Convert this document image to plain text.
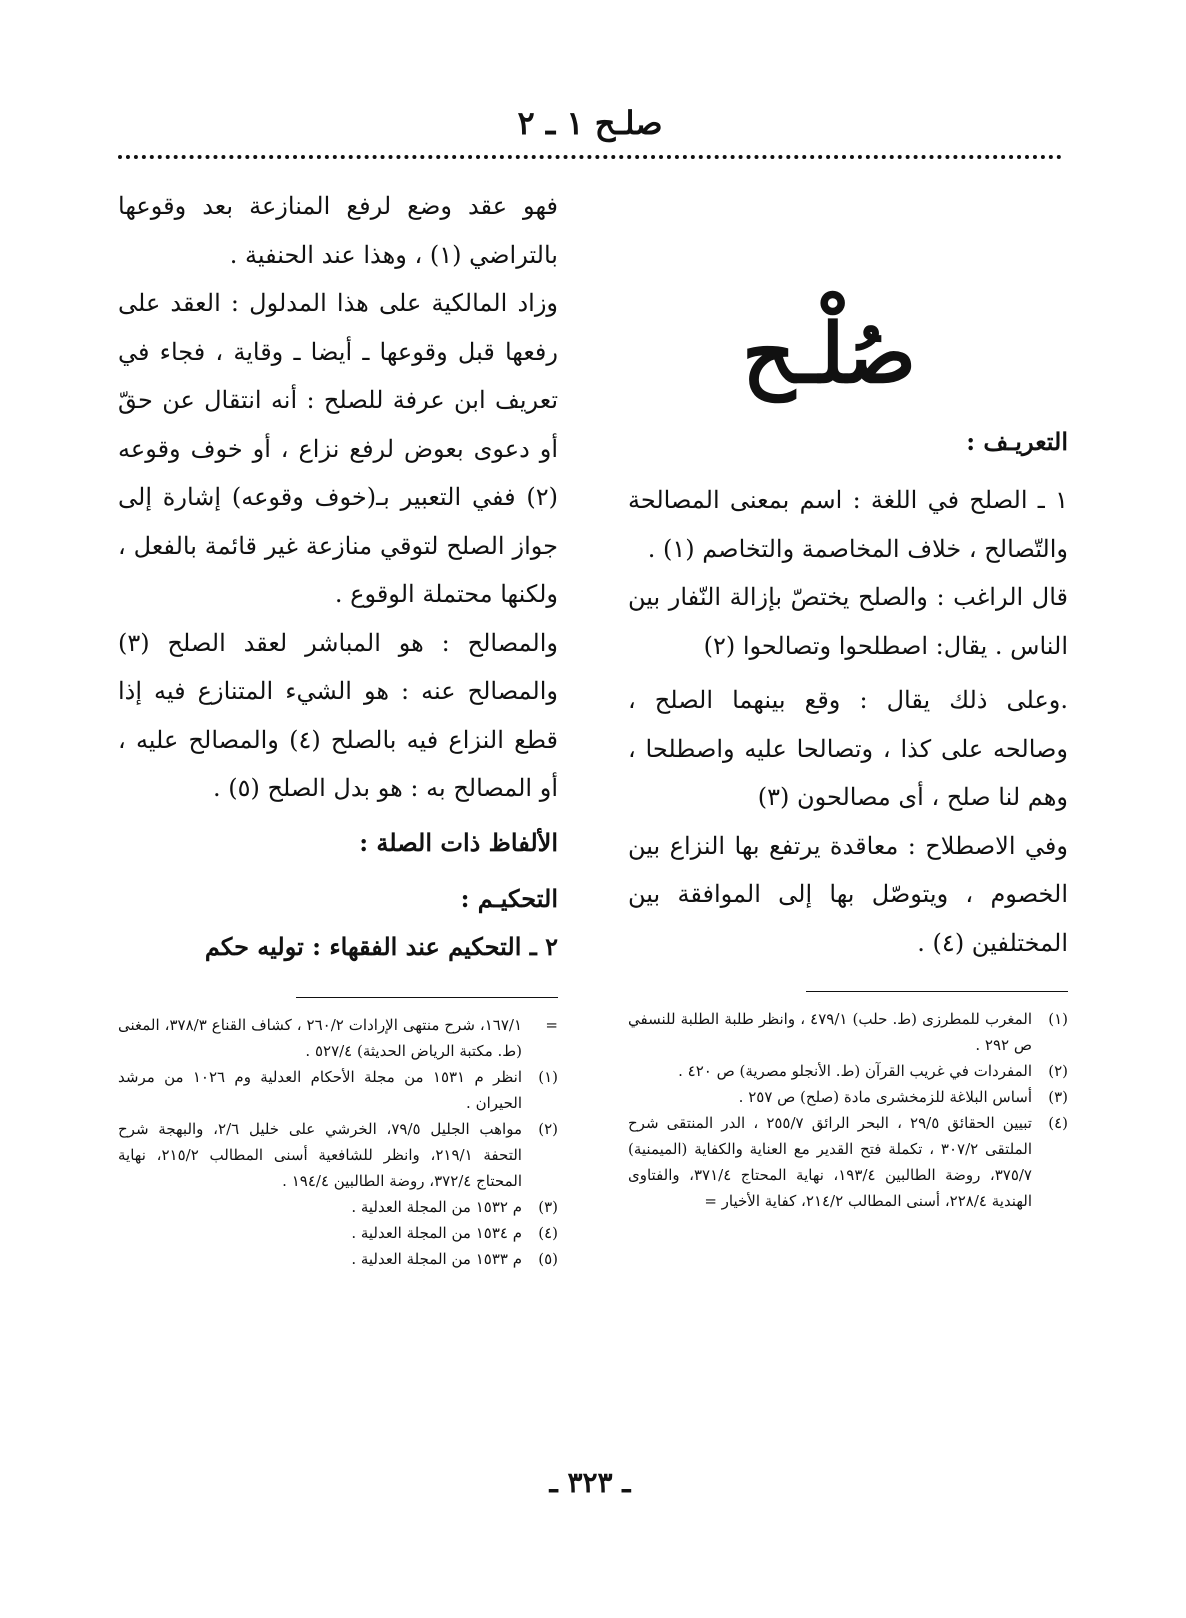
صلـح ١ ـ ٢
صُلْـح

التعريـف :

١ ـ الصلح في اللغة : اسم بمعنى المصالحة والتّصالح ، خلاف المخاصمة والتخاصم (١) .

قال الراغب : والصلح يختصّ بإزالة النّفار بين الناس . يقال: اصطلحوا وتصالحوا (٢)

.وعلى ذلك يقال : وقع بينهما الصلح ، وصالحه على كذا ، وتصالحا عليه واصطلحا ، وهم لنا صلح ، أى مصالحون (٣)

وفي الاصطلاح : معاقدة يرتفع بها النزاع بين الخصوم ، ويتوصّل بها إلى الموافقة بين المختلفين (٤) .

(١)
المغرب للمطرزى (ط. حلب) ٤٧٩/١ ، وانظر طلبة الطلبة للنسفي ص ٢٩٢ .
(٢)
المفردات في غريب القرآن (ط. الأنجلو مصرية) ص ٤٢٠ .
(٣)
أساس البلاغة للزمخشرى مادة (صلح) ص ٢٥٧ .
(٤)
تبيين الحقائق ٢٩/٥ ، البحر الرائق ٢٥٥/٧ ، الدر المنتقى شرح الملتقى ٣٠٧/٢ ، تكملة فتح القدير مع العناية والكفاية (الميمنية) ٣٧٥/٧، روضة الطالبين ١٩٣/٤، نهاية المحتاج ٣٧١/٤، والفتاوى الهندية ٢٢٨/٤، أسنى المطالب ٢١٤/٢، كفاية الأخيار =

فهو عقد وضع لرفع المنازعة بعد وقوعها بالتراضي (١) ، وهذا عند الحنفية .

وزاد المالكية على هذا المدلول : العقد على رفعها قبل وقوعها ـ أيضا ـ وقاية ، فجاء في تعريف ابن عرفة للصلح : أنه انتقال عن حقّ أو دعوى بعوض لرفع نزاع ، أو خوف وقوعه (٢) ففي التعبير بـ(خوف وقوعه) إشارة إلى جواز الصلح لتوقي منازعة غير قائمة بالفعل ، ولكنها محتملة الوقوع .

والمصالح : هو المباشر لعقد الصلح (٣) والمصالح عنه : هو الشيء المتنازع فيه إذا قطع النزاع فيه بالصلح (٤) والمصالح عليه ، أو المصالح به : هو بدل الصلح (٥) .

الألفاظ ذات الصلة :

التحكيـم :

٢ ـ التحكيم عند الفقهاء : توليه حكم

=
١٦٧/١، شرح منتهى الإرادات ٢٦٠/٢ ، كشاف القناع ٣٧٨/٣، المغنى (ط. مكتبة الرياض الحديثة) ٥٢٧/٤ .
(١)
انظر م ١٥٣١ من مجلة الأحكام العدلية وم ١٠٢٦ من مرشد الحيران .
(٢)
مواهب الجليل ٧٩/٥، الخرشي على خليل ٢/٦، والبهجة شرح التحفة ٢١٩/١، وانظر للشافعية أسنى المطالب ٢١٥/٢، نهاية المحتاج ٣٧٢/٤، روضة الطالبين ١٩٤/٤ .
(٣)
م ١٥٣٢ من المجلة العدلية .
(٤)
م ١٥٣٤ من المجلة العدلية .
(٥)
م ١٥٣٣ من المجلة العدلية .
ـ ٣٢٣ ـ
